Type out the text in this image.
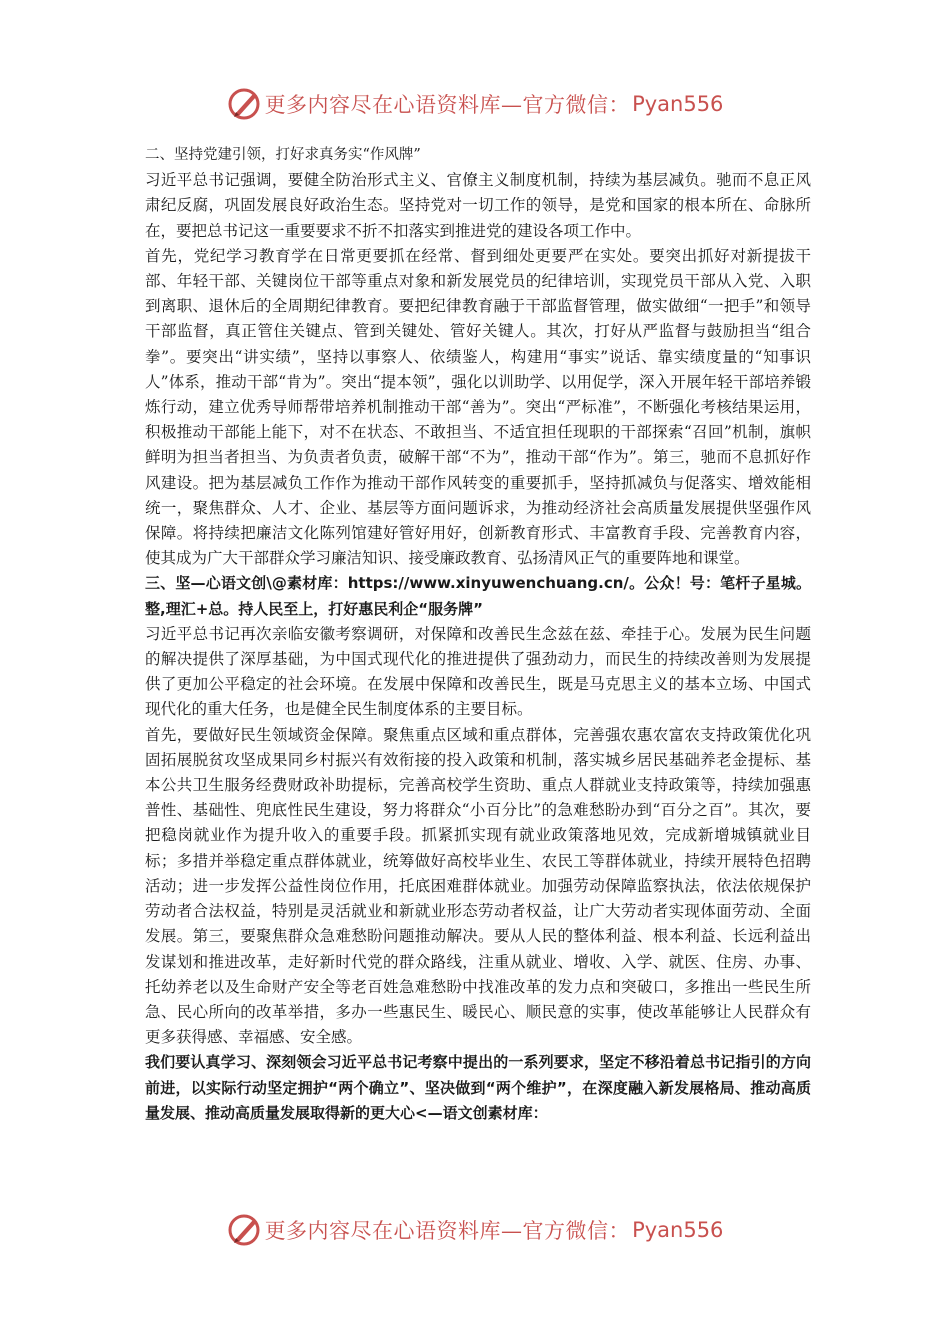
更多内容尽在心语资料库—官方微信： Pyan556

二、坚持党建引领，打好求真务实“作风牌”

习近平总书记强调，要健全防治形式主义、官僚主义制度机制，持续为基层减负。驰而不息正风肃纪反腐，巩固发展良好政治生态。坚持党对一切工作的领导，是党和国家的根本所在、命脉所在，要把总书记这一重要要求不折不扣落实到推进党的建设各项工作中。

首先，党纪学习教育学在日常更要抓在经常、督到细处更要严在实处。要突出抓好对新提拔干部、年轻干部、关键岗位干部等重点对象和新发展党员的纪律培训，实现党员干部从入党、入职到离职、退休后的全周期纪律教育。要把纪律教育融于干部监督管理，做实做细“一把手”和领导干部监督，真正管住关键点、管到关键处、管好关键人。其次，打好从严监督与鼓励担当“组合拳”。要突出“讲实绩”，坚持以事察人、依绩鉴人，构建用“事实”说话、靠实绩度量的“知事识人”体系，推动干部“肯为”。突出“提本领”，强化以训助学、以用促学，深入开展年轻干部培养锻炼行动，建立优秀导师帮带培养机制推动干部“善为”。突出“严标准”，不断强化考核结果运用，积极推动干部能上能下，对不在状态、不敢担当、不适宜担任现职的干部探索“召回”机制，旗帜鲜明为担当者担当、为负责者负责，破解干部“不为”，推动干部“作为”。第三，驰而不息抓好作风建设。把为基层减负工作作为推动干部作风转变的重要抓手，坚持抓减负与促落实、增效能相统一，聚焦群众、人才、企业、基层等方面问题诉求，为推动经济社会高质量发展提供坚强作风保障。将持续把廉洁文化陈列馆建好管好用好，创新教育形式、丰富教育手段、完善教育内容，使其成为广大干部群众学习廉洁知识、接受廉政教育、弘扬清风正气的重要阵地和课堂。

三、坚—心语文创\@素材库：https://www.xinyuwenchuang.cn/。公众！号：笔杆子星城。整,理汇+总。持人民至上，打好惠民利企“服务牌”

习近平总书记再次亲临安徽考察调研，对保障和改善民生念兹在兹、牵挂于心。发展为民生问题的解决提供了深厚基础，为中国式现代化的推进提供了强劲动力，而民生的持续改善则为发展提供了更加公平稳定的社会环境。在发展中保障和改善民生，既是马克思主义的基本立场、中国式现代化的重大任务，也是健全民生制度体系的主要目标。

首先，要做好民生领域资金保障。聚焦重点区域和重点群体，完善强农惠农富农支持政策优化巩固拓展脱贫攻坚成果同乡村振兴有效衔接的投入政策和机制，落实城乡居民基础养老金提标、基本公共卫生服务经费财政补助提标，完善高校学生资助、重点人群就业支持政策等，持续加强惠普性、基础性、兜底性民生建设，努力将群众“小百分比”的急难愁盼办到“百分之百”。其次，要把稳岗就业作为提升收入的重要手段。抓紧抓实现有就业政策落地见效，完成新增城镇就业目标；多措并举稳定重点群体就业，统筹做好高校毕业生、农民工等群体就业，持续开展特色招聘活动；进一步发挥公益性岗位作用，托底困难群体就业。加强劳动保障监察执法，依法依规保护劳动者合法权益，特别是灵活就业和新就业形态劳动者权益，让广大劳动者实现体面劳动、全面发展。第三，要聚焦群众急难愁盼问题推动解决。要从人民的整体利益、根本利益、长远利益出发谋划和推进改革，走好新时代党的群众路线，注重从就业、增收、入学、就医、住房、办事、托幼养老以及生命财产安全等老百姓急难愁盼中找准改革的发力点和突破口，多推出一些民生所急、民心所向的改革举措，多办一些惠民生、暖民心、顺民意的实事，使改革能够让人民群众有更多获得感、幸福感、安全感。

我们要认真学习、深刻领会习近平总书记考察中提出的一系列要求，坚定不移沿着总书记指引的方向前进，以实际行动坚定拥护“两个确立”、坚决做到“两个维护”，在深度融入新发展格局、推动高质量发展、推动高质量发展取得新的更大心<—语文创素材库：

更多内容尽在心语资料库—官方微信： Pyan556
